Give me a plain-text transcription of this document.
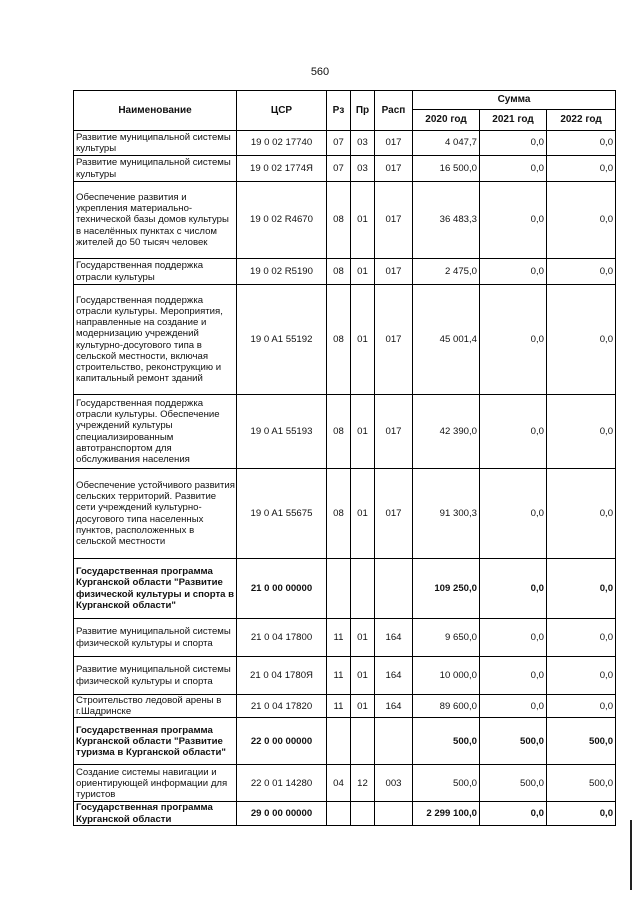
560
Наименование	ЦСР	Рз	Пр	Расп	Сумма		
					2020 год	2021 год	2022 год
Развитие муниципальной системы культуры	19 0 02 17740	07	03	017	4 047,7	0,0	0,0
Развитие муниципальной системы культуры	19 0 02 1774Я	07	03	017	16 500,0	0,0	0,0
Обеспечение развития и укрепления материально-технической базы домов культуры в населённых пунктах с числом жителей до 50 тысяч человек	19 0 02 R4670	08	01	017	36 483,3	0,0	0,0
Государственная поддержка отрасли культуры	19 0 02 R5190	08	01	017	2 475,0	0,0	0,0
Государственная поддержка отрасли культуры. Мероприятия, направленные на создание и модернизацию учреждений культурно-досугового типа в сельской местности, включая строительство, реконструкцию и капитальный ремонт зданий	19 0 A1 55192	08	01	017	45 001,4	0,0	0,0
Государственная поддержка отрасли культуры. Обеспечение учреждений культуры специализированным автотранспортом для обслуживания населения	19 0 A1 55193	08	01	017	42 390,0	0,0	0,0
Обеспечение устойчивого развития сельских территорий. Развитие сети учреждений культурно-досугового типа населенных пунктов, расположенных в сельской местности	19 0 A1 55675	08	01	017	91 300,3	0,0	0,0
Государственная программа Курганской области "Развитие физической культуры и спорта в Курганской области"	21 0 00 00000				109 250,0	0,0	0,0
Развитие муниципальной системы физической культуры и спорта	21 0 04 17800	11	01	164	9 650,0	0,0	0,0
Развитие муниципальной системы физической культуры и спорта	21 0 04 1780Я	11	01	164	10 000,0	0,0	0,0
Строительство ледовой арены в г.Шадринске	21 0 04 17820	11	01	164	89 600,0	0,0	0,0
Государственная программа Курганской области "Развитие туризма в Курганской области"	22 0 00 00000				500,0	500,0	500,0
Создание системы навигации и ориентирующей информации для туристов	22 0 01 14280	04	12	003	500,0	500,0	500,0
Государственная программа Курганской области	29 0 00 00000				2 299 100,0	0,0	0,0
